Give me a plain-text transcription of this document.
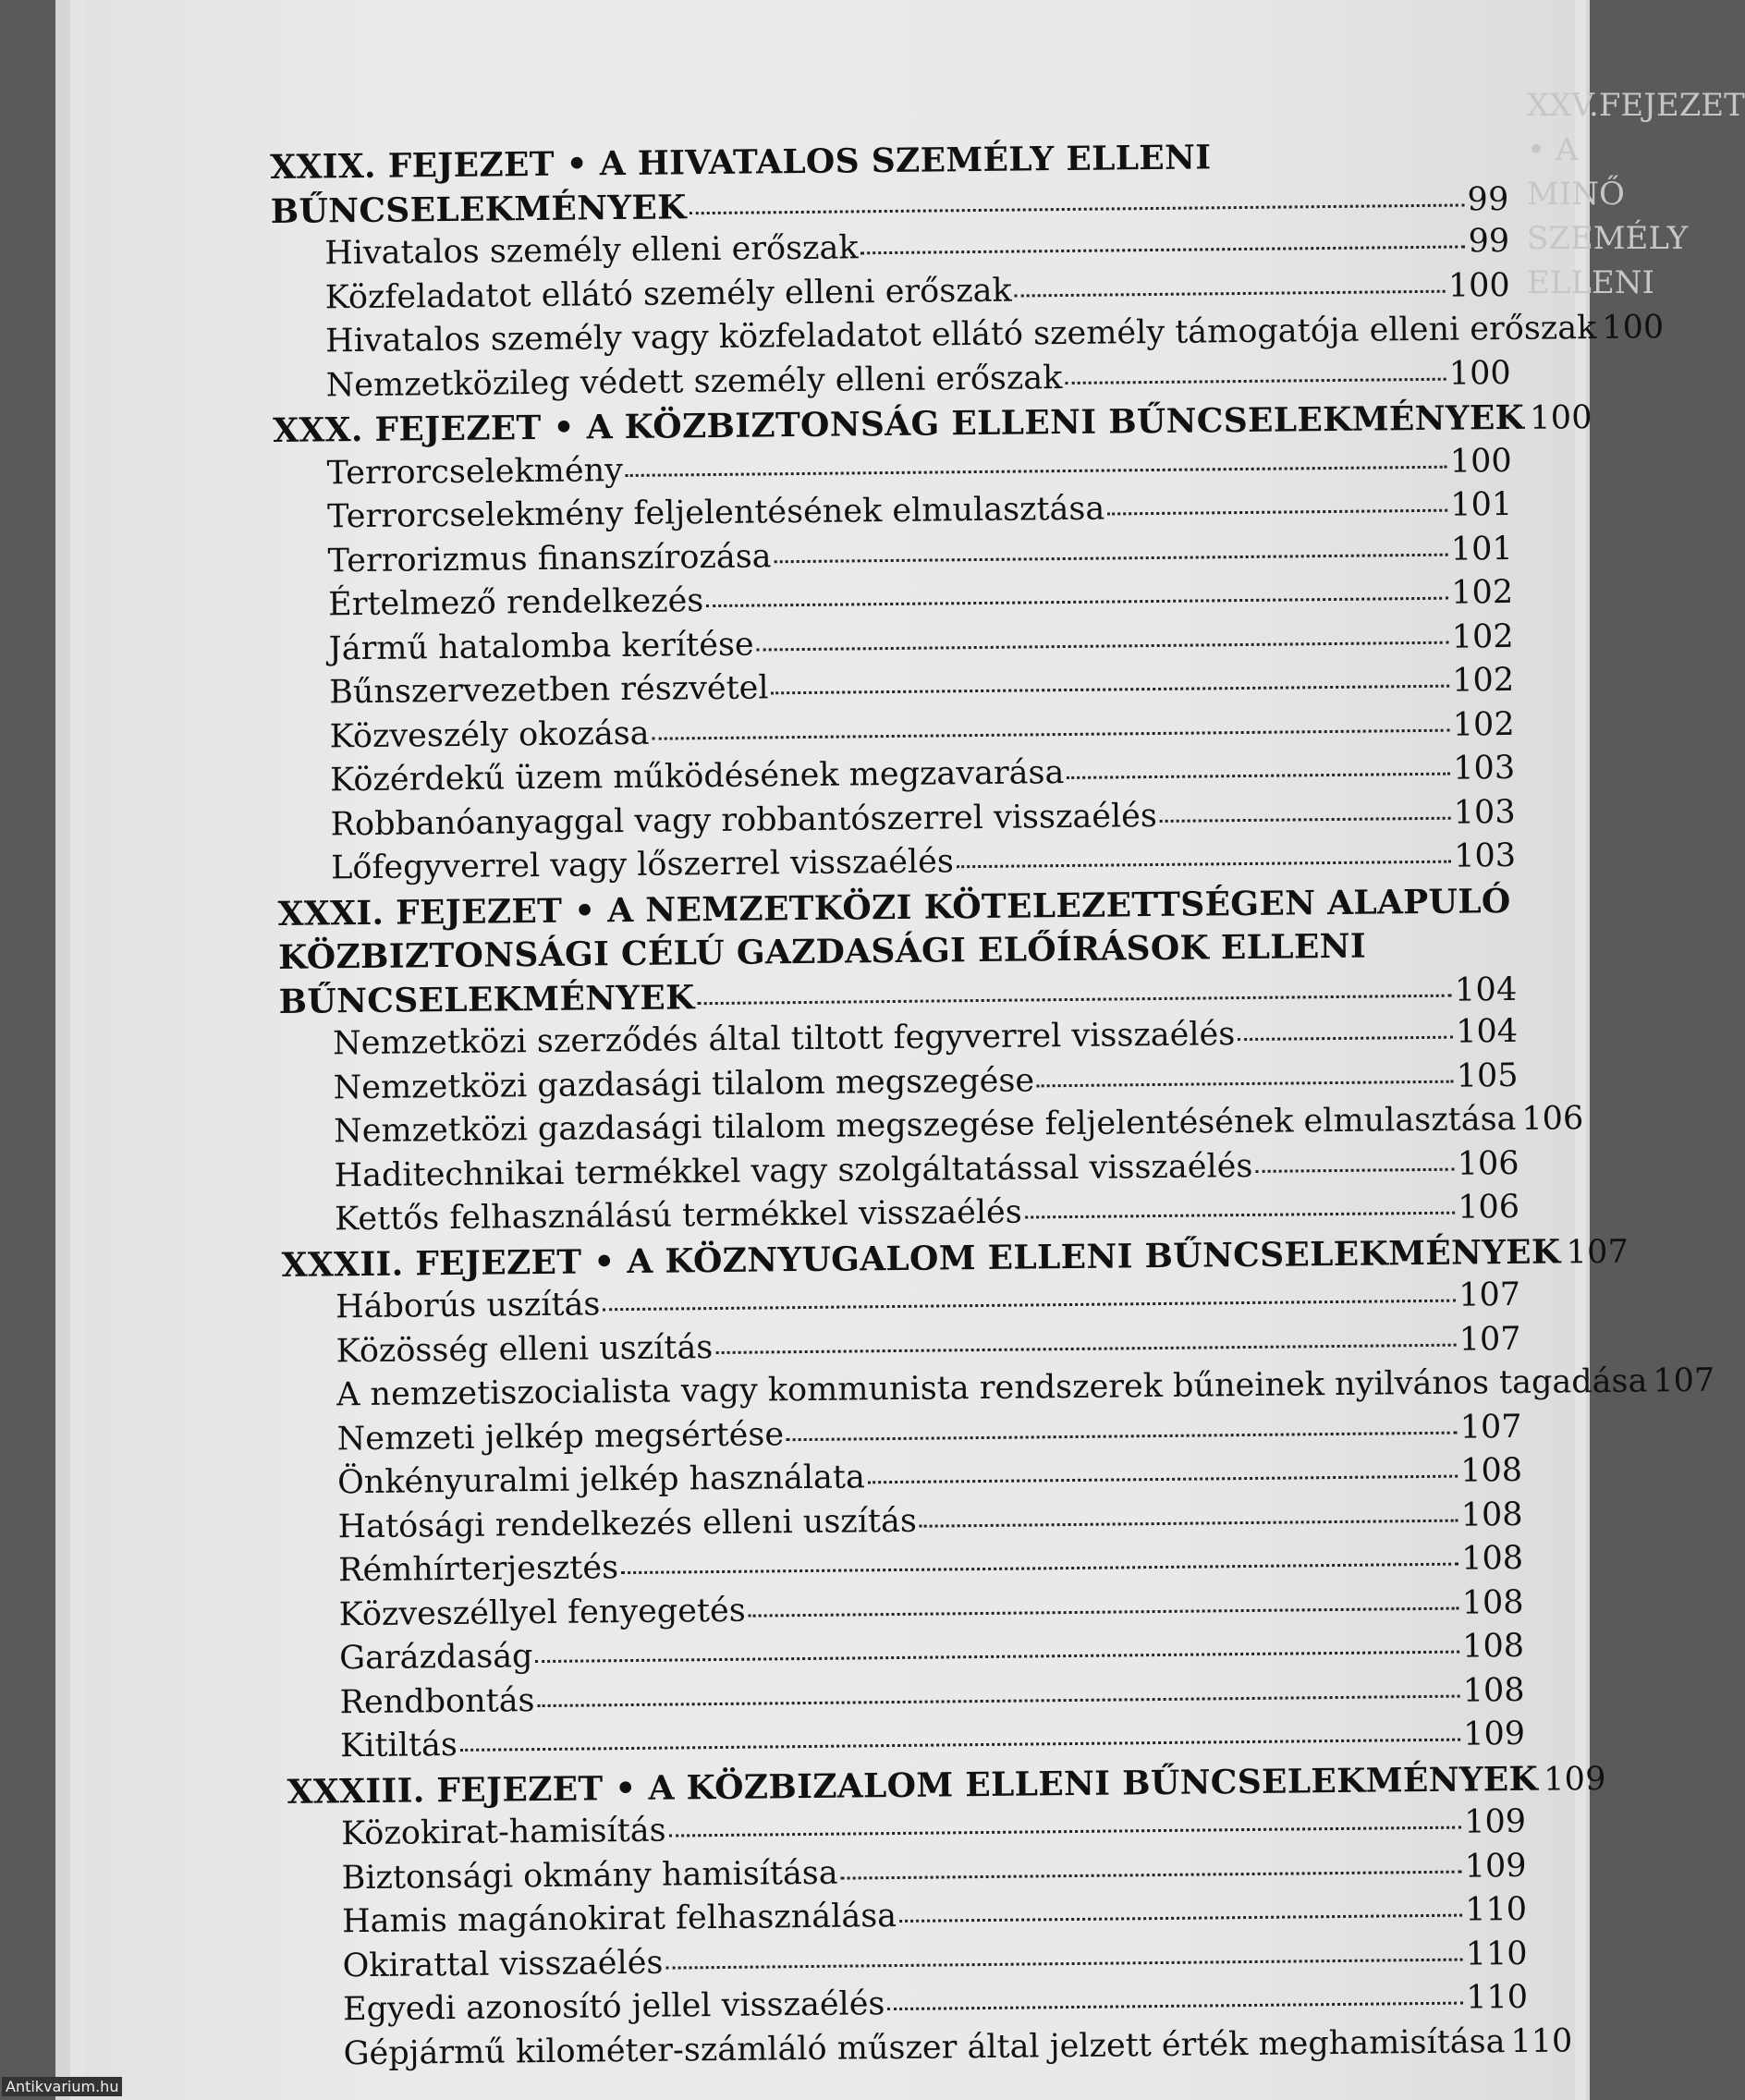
XXV.FEJEZET • A MINŐ
SZEMÉLY ELLENI
XXIX. FEJEZET • A HIVATALOS SZEMÉLY ELLENI
BŰNCSELEKMÉNYEK	99
Hivatalos személy elleni erőszak	99
Közfeladatot ellátó személy elleni erőszak	100
Hivatalos személy vagy közfeladatot ellátó személy támogatója elleni erőszak 100
Nemzetközileg védett személy elleni erőszak	100
XXX. FEJEZET • A KÖZBIZTONSÁG ELLENI BŰNCSELEKMÉNYEK 100
Terrorcselekmény	100
Terrorcselekmény feljelentésének elmulasztása	101
Terrorizmus finanszírozása	101
Értelmező rendelkezés	102
Jármű hatalomba kerítése	102
Bűnszervezetben részvétel	102
Közveszély okozása	102
Közérdekű üzem működésének megzavarása	103
Robbanóanyaggal vagy robbantószerrel visszaélés	103
Lőfegyverrel vagy lőszerrel visszaélés	103
XXXI. FEJEZET • A NEMZETKÖZI KÖTELEZETTSÉGEN ALAPULÓ
KÖZBIZTONSÁGI CÉLÚ GAZDASÁGI ELŐÍRÁSOK ELLENI
BŰNCSELEKMÉNYEK	104
Nemzetközi szerződés által tiltott fegyverrel visszaélés	104
Nemzetközi gazdasági tilalom megszegése	105
Nemzetközi gazdasági tilalom megszegése feljelentésének elmulasztása 106
Haditechnikai termékkel vagy szolgáltatással visszaélés	106
Kettős felhasználású termékkel visszaélés	106
XXXII. FEJEZET • A KÖZNYUGALOM ELLENI BŰNCSELEKMÉNYEK 107
Háborús uszítás	107
Közösség elleni uszítás	107
A nemzetiszocialista vagy kommunista rendszerek bűneinek nyilvános tagadása 107
Nemzeti jelkép megsértése	107
Önkényuralmi jelkép használata	108
Hatósági rendelkezés elleni uszítás	108
Rémhírterjesztés	108
Közveszéllyel fenyegetés	108
Garázdaság	108
Rendbontás	108
Kitiltás	109
XXXIII. FEJEZET • A KÖZBIZALOM ELLENI BŰNCSELEKMÉNYEK 109
Közokirat-hamisítás	109
Biztonsági okmány hamisítása	109
Hamis magánokirat felhasználása	110
Okirattal visszaélés	110
Egyedi azonosító jellel visszaélés	110
Gépjármű kilométer-számláló műszer által jelzett érték meghamisítása 110
Antikvarium.hu
